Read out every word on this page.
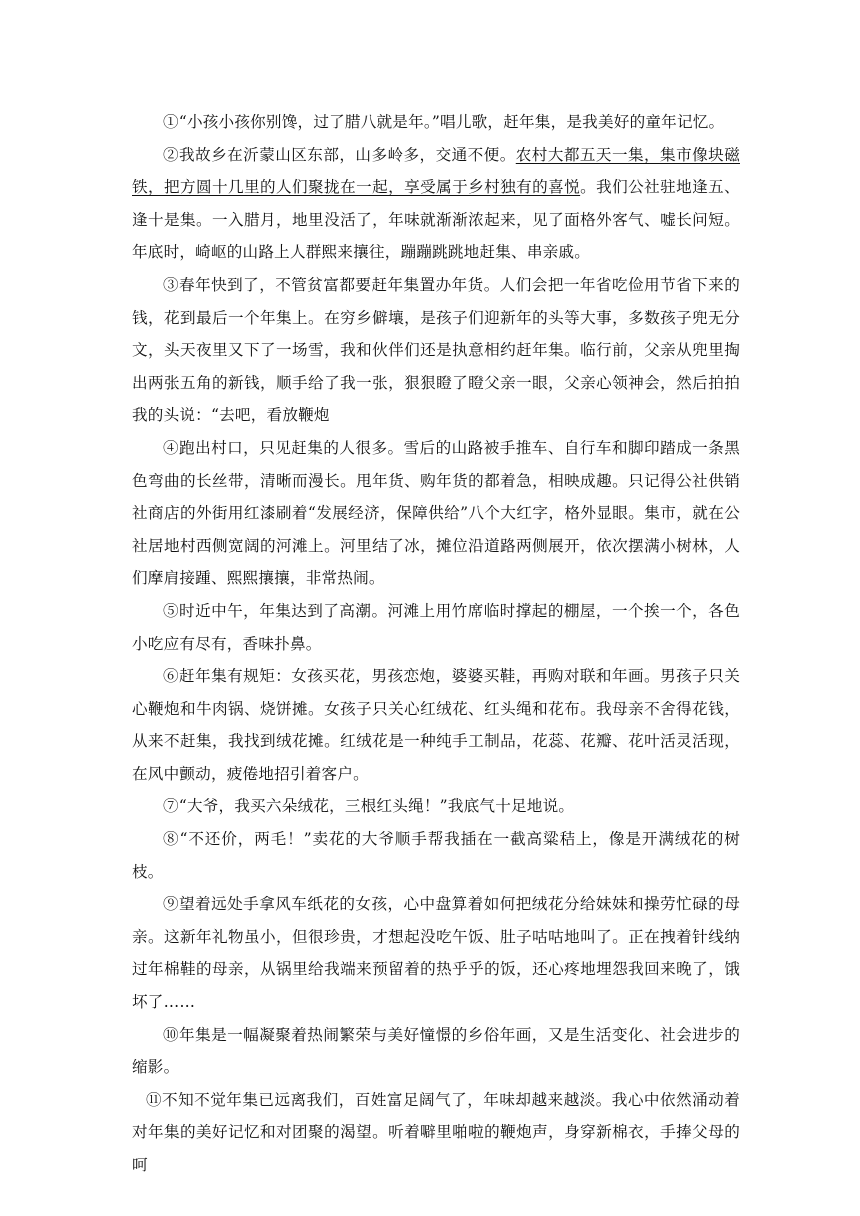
①“小孩小孩你别馋，过了腊八就是年。”唱儿歌，赶年集，是我美好的童年记忆。

②我故乡在沂蒙山区东部，山多岭多，交通不便。农村大都五天一集，集市像块磁铁，把方圆十几里的人们聚拢在一起，享受属于乡村独有的喜悦。我们公社驻地逢五、逢十是集。一入腊月，地里没活了，年味就渐渐浓起来，见了面格外客气、嘘长问短。年底时，崎岖的山路上人群熙来攘往，蹦蹦跳跳地赶集、串亲戚。

③春年快到了，不管贫富都要赶年集置办年货。人们会把一年省吃俭用节省下来的钱，花到最后一个年集上。在穷乡僻壤，是孩子们迎新年的头等大事，多数孩子兜无分文，头天夜里又下了一场雪，我和伙伴们还是执意相约赶年集。临行前，父亲从兜里掏出两张五角的新钱，顺手给了我一张，狠狠瞪了瞪父亲一眼，父亲心领神会，然后拍拍我的头说：“去吧，看放鞭炮

④跑出村口，只见赶集的人很多。雪后的山路被手推车、自行车和脚印踏成一条黑色弯曲的长丝带，清晰而漫长。甩年货、购年货的都着急，相映成趣。只记得公社供销社商店的外街用红漆刷着“发展经济，保障供给”八个大红字，格外显眼。集市，就在公社居地村西侧宽阔的河滩上。河里结了冰，摊位沿道路两侧展开，依次摆满小树林，人们摩肩接踵、熙熙攘攘，非常热闹。

⑤时近中午，年集达到了高潮。河滩上用竹席临时撑起的棚屋，一个挨一个，各色小吃应有尽有，香味扑鼻。

⑥赶年集有规矩：女孩买花，男孩恋炮，婆婆买鞋，再购对联和年画。男孩子只关心鞭炮和牛肉锅、烧饼摊。女孩子只关心红绒花、红头绳和花布。我母亲不舍得花钱，从来不赶集，我找到绒花摊。红绒花是一种纯手工制品，花蕊、花瓣、花叶活灵活现，在风中颤动，疲倦地招引着客户。

⑦“大爷，我买六朵绒花，三根红头绳！”我底气十足地说。

⑧“不还价，两毛！”卖花的大爷顺手帮我插在一截高粱秸上，像是开满绒花的树枝。

⑨望着远处手拿风车纸花的女孩，心中盘算着如何把绒花分给妹妹和操劳忙碌的母亲。这新年礼物虽小，但很珍贵，才想起没吃午饭、肚子咕咕地叫了。正在拽着针线纳过年棉鞋的母亲，从锅里给我端来预留着的热乎乎的饭，还心疼地埋怨我回来晚了，饿坏了……

⑩年集是一幅凝聚着热闹繁荣与美好憧憬的乡俗年画，又是生活变化、社会进步的缩影。

⑪不知不觉年集已远离我们，百姓富足阔气了，年味却越来越淡。我心中依然涌动着对年集的美好记忆和对团聚的渴望。听着噼里啪啦的鞭炮声，身穿新棉衣，手捧父母的呵
